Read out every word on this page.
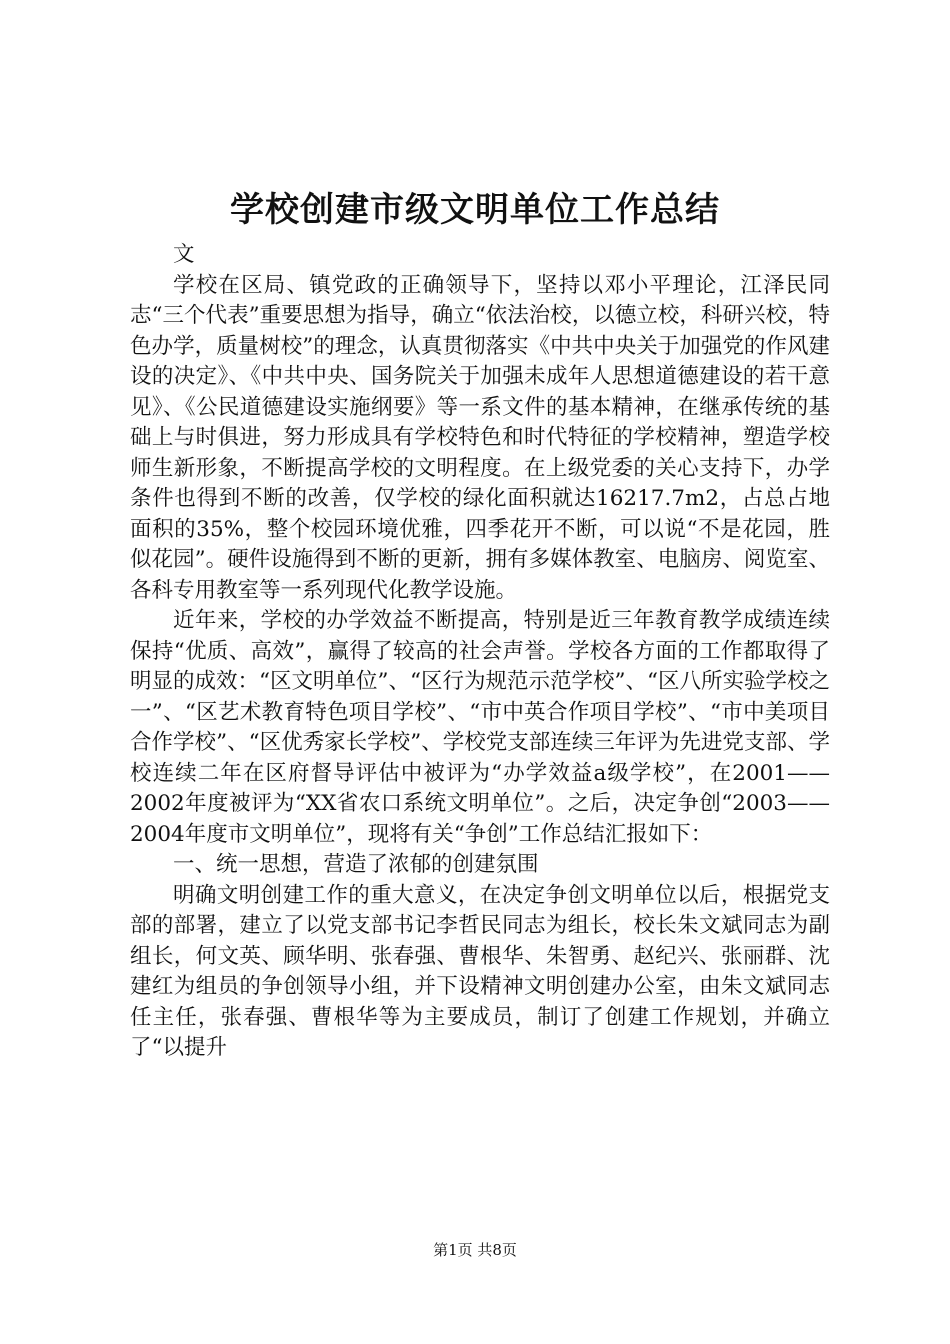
学校创建市级文明单位工作总结

文

学校在区局、镇党政的正确领导下，坚持以邓小平理论，江泽民同志“三个代表”重要思想为指导，确立“依法治校，以德立校，科研兴校，特色办学，质量树校”的理念，认真贯彻落实《中共中央关于加强党的作风建设的决定》、《中共中央、国务院关于加强未成年人思想道德建设的若干意见》、《公民道德建设实施纲要》等一系文件的基本精神，在继承传统的基础上与时俱进，努力形成具有学校特色和时代特征的学校精神，塑造学校师生新形象，不断提高学校的文明程度。在上级党委的关心支持下，办学条件也得到不断的改善，仅学校的绿化面积就达16217.7m2，占总占地面积的35%，整个校园环境优雅，四季花开不断，可以说“不是花园，胜似花园”。硬件设施得到不断的更新，拥有多媒体教室、电脑房、阅览室、各科专用教室等一系列现代化教学设施。

近年来，学校的办学效益不断提高，特别是近三年教育教学成绩连续保持“优质、高效”，赢得了较高的社会声誉。学校各方面的工作都取得了明显的成效：“区文明单位”、“区行为规范示范学校”、“区八所实验学校之一”、“区艺术教育特色项目学校”、“市中英合作项目学校”、“市中美项目合作学校”、“区优秀家长学校”、学校党支部连续三年评为先进党支部、学校连续二年在区府督导评估中被评为“办学效益a级学校”，在2001——2002年度被评为“XX省农口系统文明单位”。之后，决定争创“2003——2004年度市文明单位”，现将有关“争创”工作总结汇报如下：

一、统一思想，营造了浓郁的创建氛围

明确文明创建工作的重大意义，在决定争创文明单位以后，根据党支部的部署，建立了以党支部书记李哲民同志为组长，校长朱文斌同志为副组长，何文英、顾华明、张春强、曹根华、朱智勇、赵纪兴、张丽群、沈建红为组员的争创领导小组，并下设精神文明创建办公室，由朱文斌同志任主任，张春强、曹根华等为主要成员，制订了创建工作规划，并确立了“以提升

第1页 共8页
